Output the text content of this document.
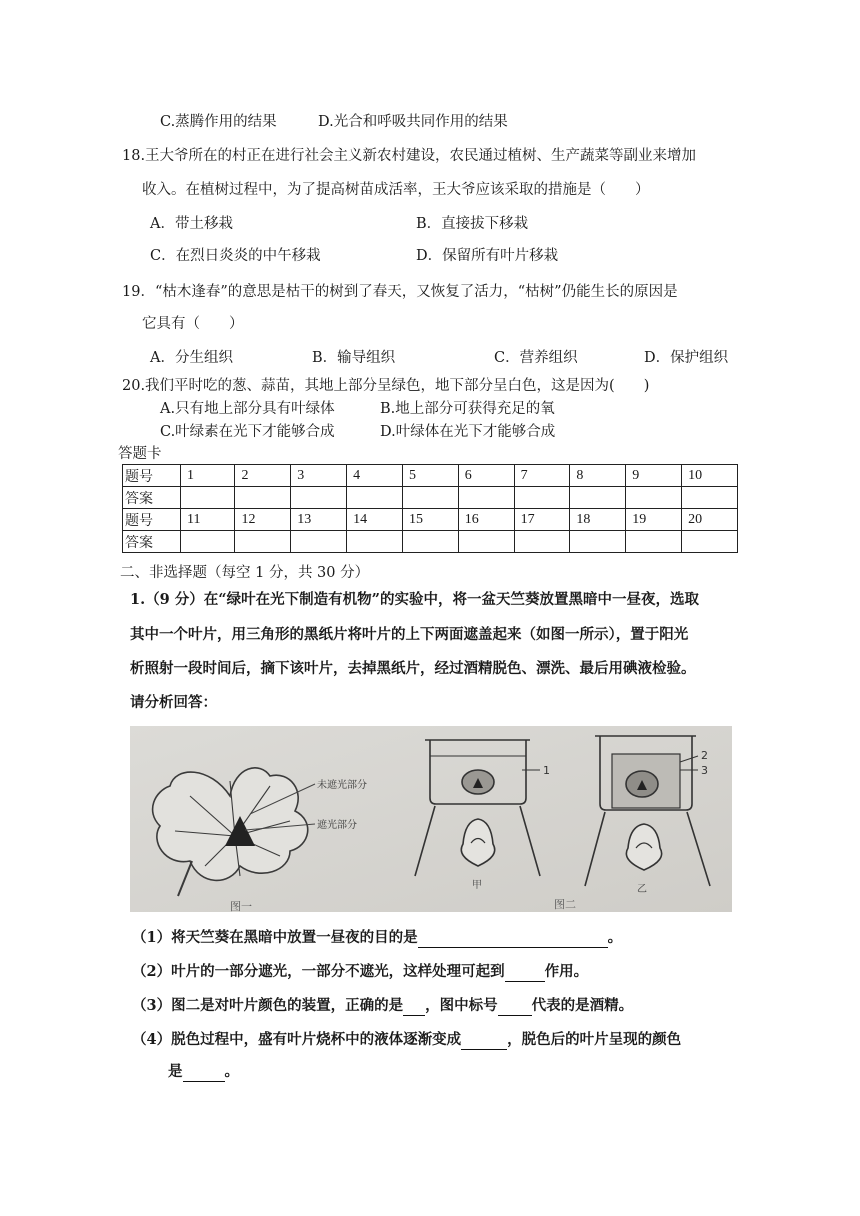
C.蒸腾作用的结果	D.光合和呼吸共同作用的结果
18.王大爷所在的村正在进行社会主义新农村建设，农民通过植树、生产蔬菜等副业来增加
收入。在植树过程中，为了提高树苗成活率，王大爷应该采取的措施是（　　）
A．带土移栽	B．直接拔下移栽
C．在烈日炎炎的中午移栽	D．保留所有叶片移栽
19．“枯木逢春”的意思是枯干的树到了春天，又恢复了活力，“枯树”仍能生长的原因是
它具有（　　）
A．分生组织	B．输导组织	C．营养组织	D．保护组织
20.我们平时吃的葱、蒜苗，其地上部分呈绿色，地下部分呈白色，这是因为(　　)
A.只有地上部分具有叶绿体	B.地上部分可获得充足的氧
C.叶绿素在光下才能够合成	D.叶绿体在光下才能够合成
答题卡
题号	1	2	3	4	5	6	7	8	9	10
答案										
题号	11	12	13	14	15	16	17	18	19	20
答案										
二、非选择题（每空 1 分，共 30 分）
1.（9 分）在“绿叶在光下制造有机物”的实验中，将一盆天竺葵放置黑暗中一昼夜，选取
其中一个叶片，用三角形的黑纸片将叶片的上下两面遮盖起来（如图一所示），置于阳光
析照射一段时间后，摘下该叶片，去掉黑纸片，经过酒精脱色、漂洗、最后用碘液检验。
请分析回答：
未遮光部分
遮光部分
1
甲
2
3
乙
图一	图二
（1）将天竺葵在黑暗中放置一昼夜的目的是	。
（2）叶片的一部分遮光，一部分不遮光，这样处理可起到	作用。
（3）图二是对叶片颜色的装置，正确的是 ，图中标号 代表的是酒精。
（4）脱色过程中，盛有叶片烧杯中的液体逐渐变成	，脱色后的叶片呈现的颜色
是	。
